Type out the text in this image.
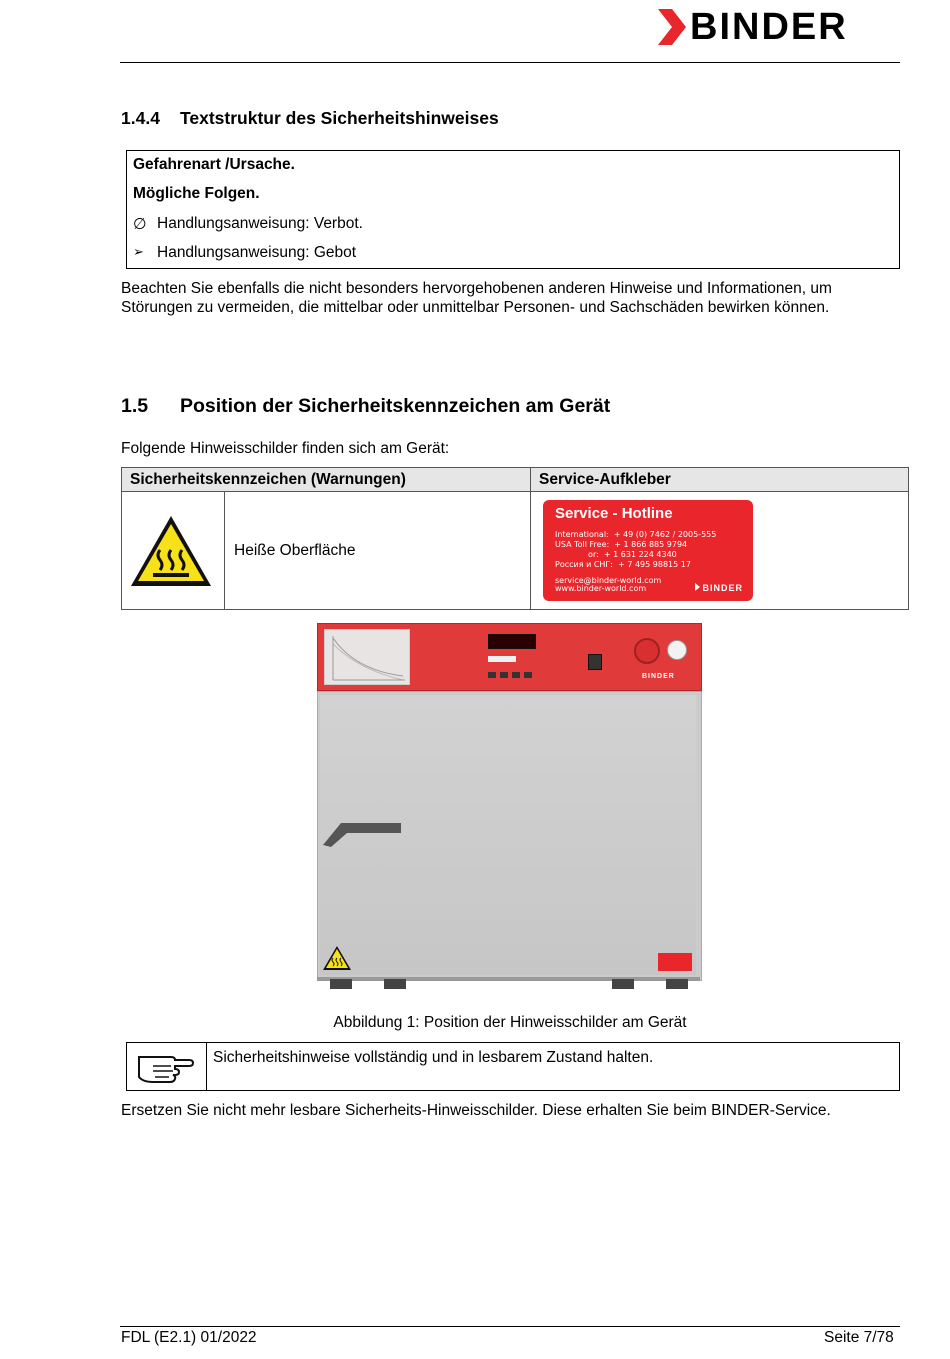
BINDER
1.4.4 Textstruktur des Sicherheitshinweises
Gefahrenart /Ursache.
Mögliche Folgen.
∅ Handlungsanweisung: Verbot.
➢ Handlungsanweisung: Gebot
Beachten Sie ebenfalls die nicht besonders hervorgehobenen anderen Hinweise und Informationen, um
Störungen zu vermeiden, die mittelbar oder unmittelbar Personen- und Sachschäden bewirken können.
1.5 Position der Sicherheitskennzeichen am Gerät
Folgende Hinweisschilder finden sich am Gerät:
Sicherheitskennzeichen (Warnungen)		Service-Aufkleber
	Heiße Oberfläche	
Service - Hotline
International:  + 49 (0) 7462 / 2005-555
USA Toll Free:  + 1 866 885 9794
or:  + 1 631 224 4340
Россия и СНГ:  + 7 495 98815 17
service@binder-world.com
www.binder-world.com	BINDER
BINDER
Abbildung 1: Position der Hinweisschilder am Gerät
Sicherheitshinweise vollständig und in lesbarem Zustand halten.
Ersetzen Sie nicht mehr lesbare Sicherheits-Hinweisschilder. Diese erhalten Sie beim BINDER-Service.
FDL (E2.1) 01/2022	Seite 7/78
